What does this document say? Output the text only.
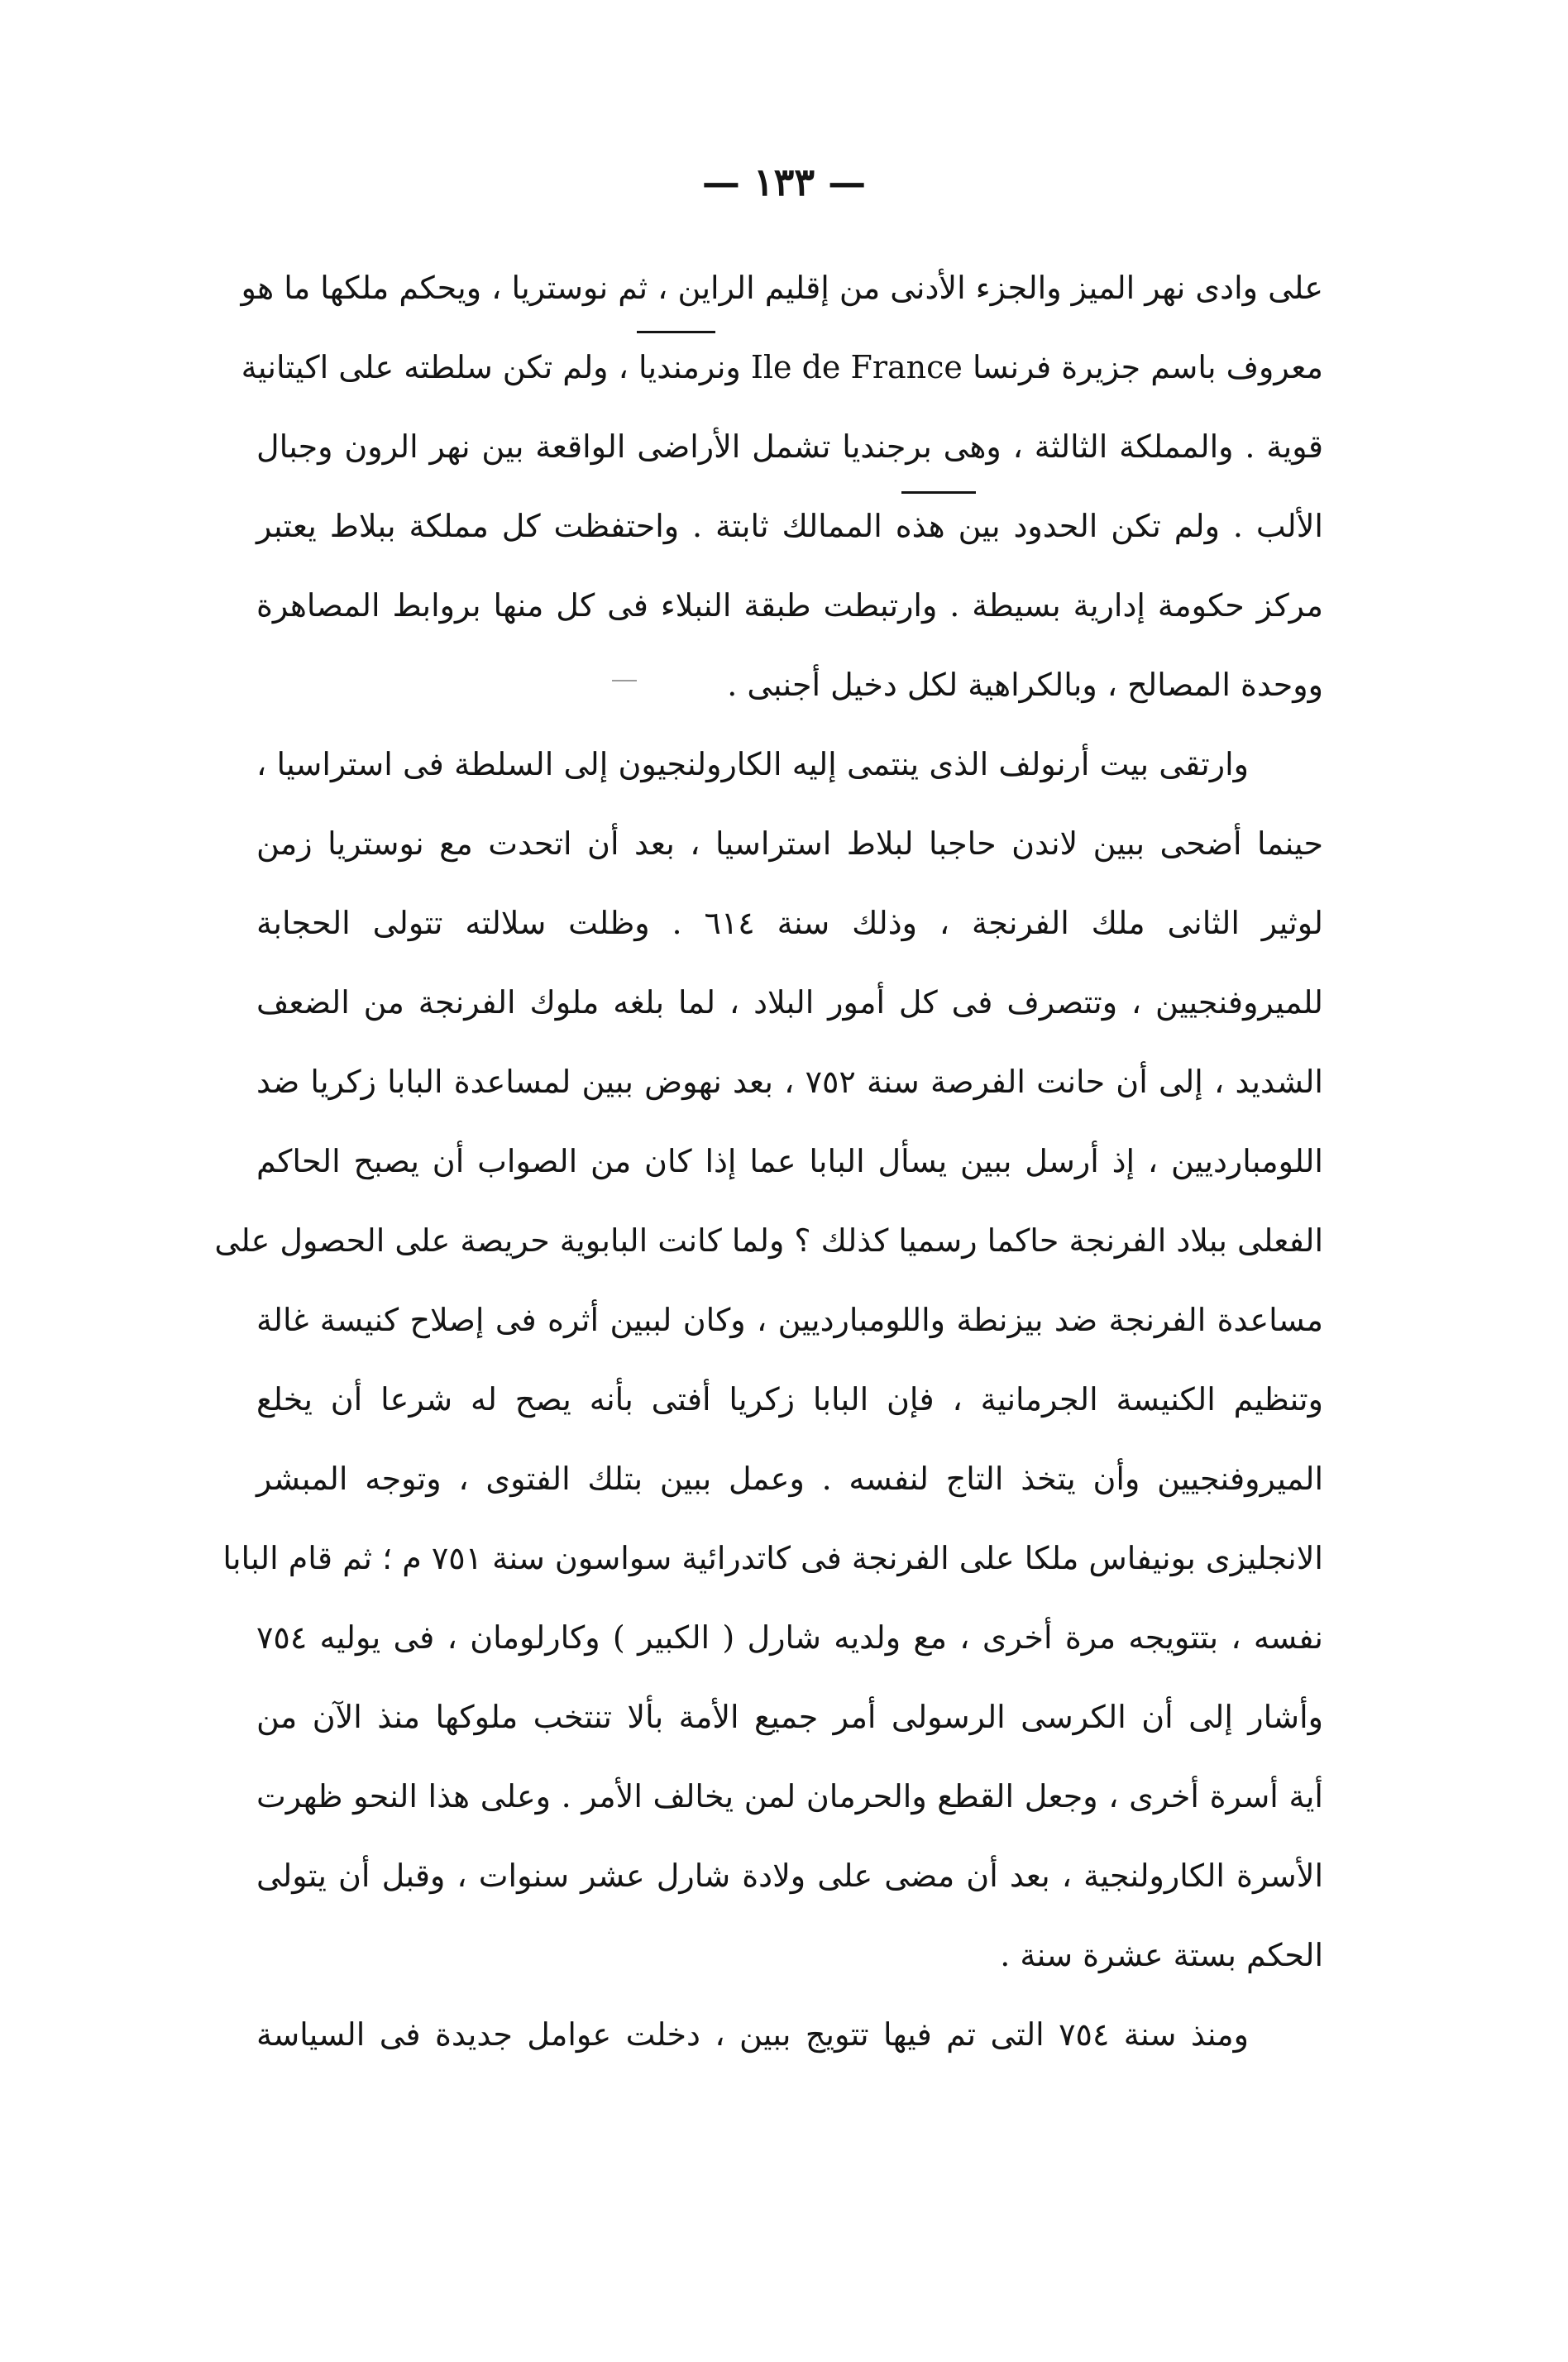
— ١٣٣ —
على وادى نهر الميز والجزء الأدنى من إقليم الراين ، ثم نوستريا ، ويحكم ملكها ما هو
معروف باسم جزيرة فرنسا Ile de France ونرمنديا ، ولم تكن سلطته على اكيتانية
قوية . والمملكة الثالثة ، وهى برجنديا تشمل الأراضى الواقعة بين نهر الرون وجبال
الألب . ولم تكن الحدود بين هذه الممالك ثابتة . واحتفظت كل مملكة ببلاط يعتبر
مركز حكومة إدارية بسيطة . وارتبطت طبقة النبلاء فى كل منها بروابط المصاهرة
ووحدة المصالح ، وبالكراهية لكل دخيل أجنبى .
وارتقى بيت أرنولف الذى ينتمى إليه الكارولنجيون إلى السلطة فى استراسيا ،
حينما أضحى ببين لاندن حاجبا لبلاط استراسيا ، بعد أن اتحدت مع نوستريا زمن
لوثير الثانى ملك الفرنجة ، وذلك سنة ٦١٤ . وظلت سلالته تتولى الحجابة
للميروفنجيين ، وتتصرف فى كل أمور البلاد ، لما بلغه ملوك الفرنجة من الضعف
الشديد ، إلى أن حانت الفرصة سنة ٧٥٢ ، بعد نهوض ببين لمساعدة البابا زكريا ضد
اللومبارديين ، إذ أرسل ببين يسأل البابا عما إذا كان من الصواب أن يصبح الحاكم
الفعلى ببلاد الفرنجة حاكما رسميا كذلك ؟ ولما كانت البابوية حريصة على الحصول على
مساعدة الفرنجة ضد بيزنطة واللومبارديين ، وكان لببين أثره فى إصلاح كنيسة غالة
وتنظيم الكنيسة الجرمانية ، فإن البابا زكريا أفتى بأنه يصح له شرعا أن يخلع
الميروفنجيين وأن يتخذ التاج لنفسه . وعمل ببين بتلك الفتوى ، وتوجه المبشر
الانجليزى بونيفاس ملكا على الفرنجة فى كاتدرائية سواسون سنة ٧٥١ م ؛ ثم قام البابا
نفسه ، بتتويجه مرة أخرى ، مع ولديه شارل ( الكبير ) وكارلومان ، فى يوليه ٧٥٤
وأشار إلى أن الكرسى الرسولى أمر جميع الأمة بألا تنتخب ملوكها منذ الآن من
أية أسرة أخرى ، وجعل القطع والحرمان لمن يخالف الأمر . وعلى هذا النحو ظهرت
الأسرة الكارولنجية ، بعد أن مضى على ولادة شارل عشر سنوات ، وقبل أن يتولى
الحكم بستة عشرة سنة .
ومنذ سنة ٧٥٤ التى تم فيها تتويج ببين ، دخلت عوامل جديدة فى السياسة
